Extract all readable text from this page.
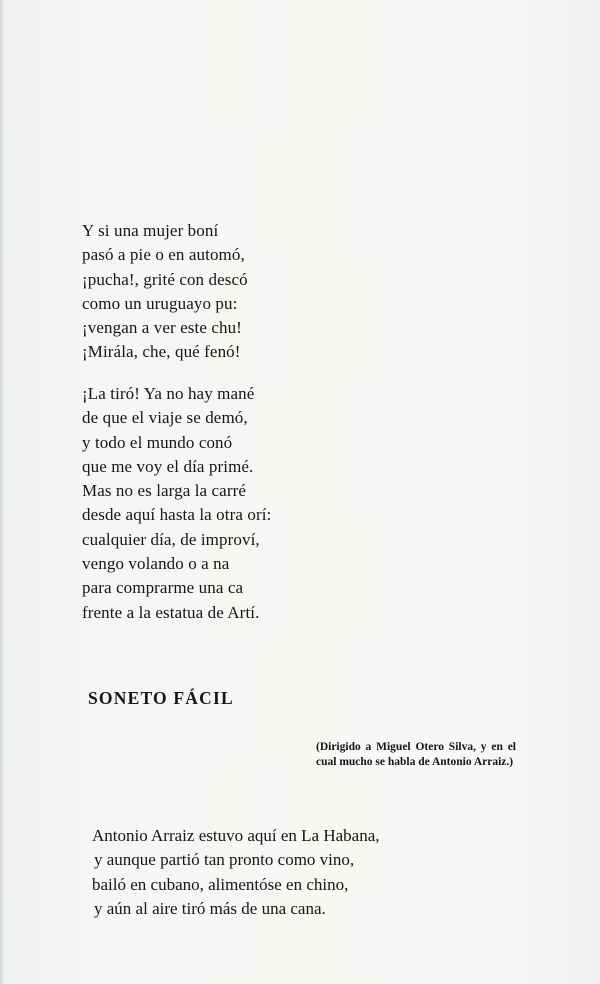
Y si una mujer boní
pasó a pie o en automó,
¡pucha!, grité con descó
como un uruguayo pu:
¡vengan a ver este chu!
¡Mirála, che, qué fenó!
¡La tiró! Ya no hay mané
de que el viaje se demó,
y todo el mundo conó
que me voy el día primé.
Mas no es larga la carré
desde aquí hasta la otra orí:
cualquier día, de improví,
vengo volando o a na
para comprarme una ca
frente a la estatua de Artí.
SONETO FÁCIL
(Dirigido a Miguel Otero Silva, y en el cual mucho se habla de Antonio Arraiz.)
Antonio Arraiz estuvo aquí en La Habana,
y aunque partió tan pronto como vino,
bailó en cubano, alimentóse en chino,
y aún al aire tiró más de una cana.
